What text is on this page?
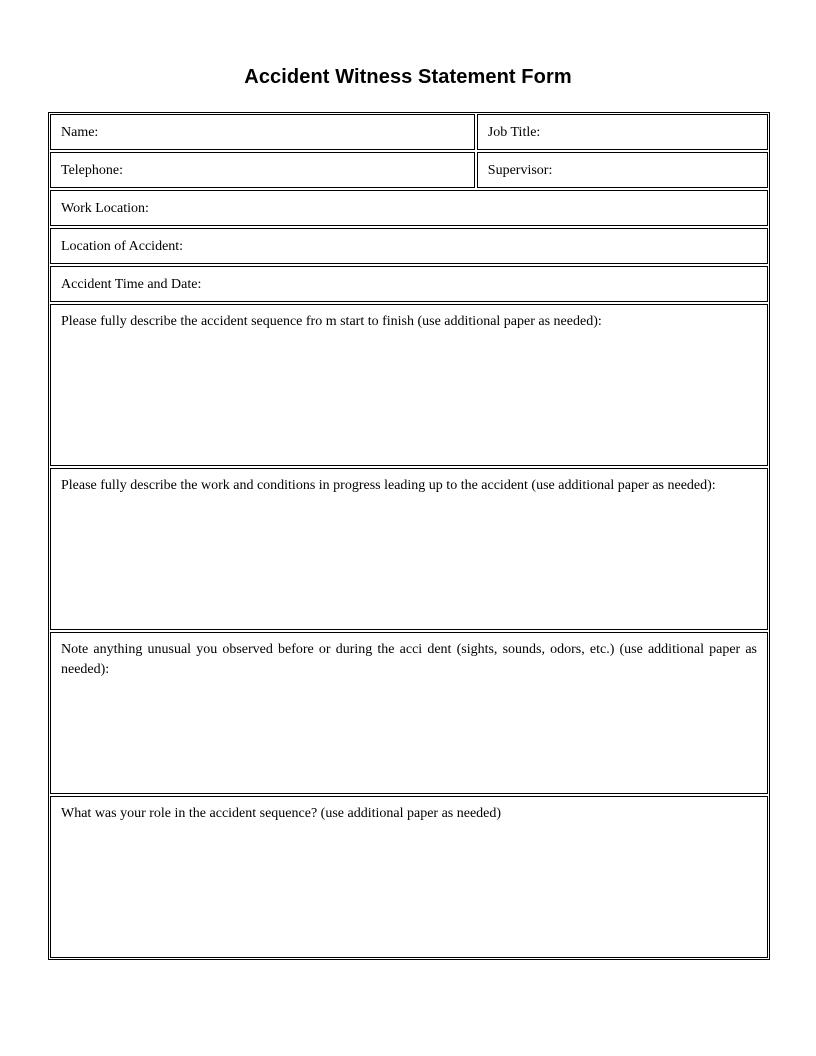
Accident Witness Statement Form
Name:	Job Title:
Telephone:	Supervisor:
Work Location:
Location of Accident:
Accident Time and Date:
Please fully describe the accident sequence fro m start to finish (use additional paper as needed):
Please fully describe the work and conditions in progress leading up to the accident (use additional paper as needed):
Note anything unusual you observed before or during the acci dent (sights, sounds, odors, etc.) (use additional paper as needed):
What was your role in the accident sequence? (use additional paper as needed)
